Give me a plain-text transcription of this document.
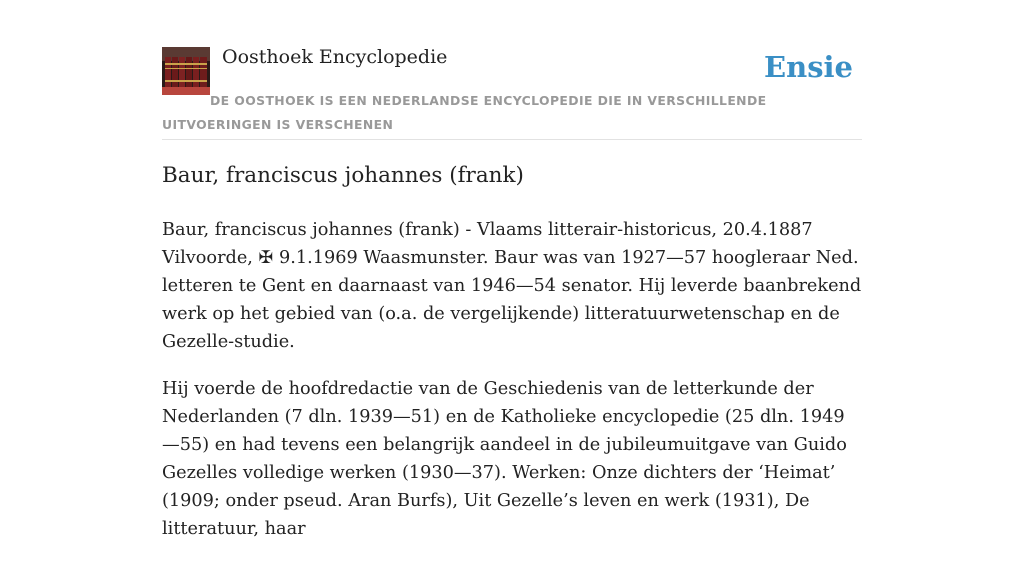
Oosthoek Encyclopedie	Ensie
DE OOSTHOEK IS EEN NEDERLANDSE ENCYCLOPEDIE DIE IN VERSCHILLENDE UITVOERINGEN IS VERSCHENEN
Baur, franciscus johannes (frank)

Baur, franciscus johannes (frank) - Vlaams litterair-historicus, 20.4.1887 Vilvoorde, ✠ 9.1.1969 Waasmunster. Baur was van 1927—57 hoogleraar Ned. letteren te Gent en daarnaast van 1946—54 senator. Hij leverde baanbrekend werk op het gebied van (o.a. de vergelijkende) litteratuurwetenschap en de Gezelle-studie.

Hij voerde de hoofdredactie van de Geschiedenis van de letterkunde der Nederlanden (7 dln. 1939—51) en de Katholieke encyclopedie (25 dln. 1949—55) en had tevens een belangrijk aandeel in de jubileumuitgave van Guido Gezelles volledige werken (1930—37). Werken: Onze dichters der ‘Heimat’ (1909; onder pseud. Aran Burfs), Uit Gezelle’s leven en werk (1931), De litteratuur, haar
